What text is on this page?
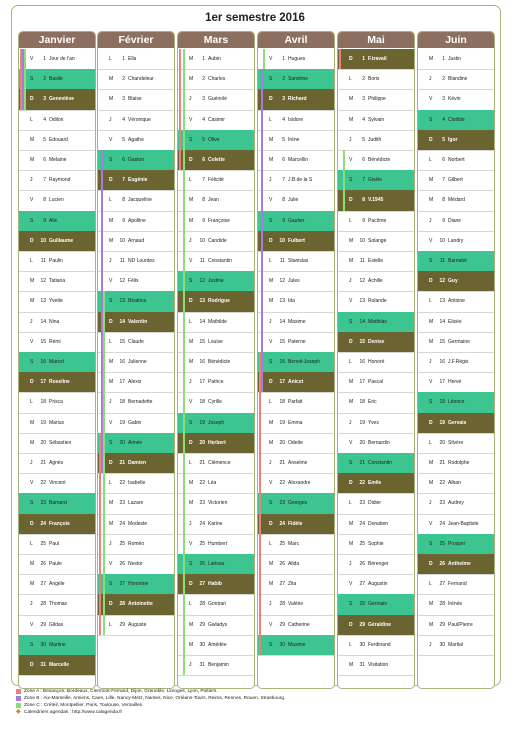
1er semestre 2016
Janvier
V	1 Jour de l'an
S	2 Basile
D	3 Geneviève
L	4 Odilon
M	5 Edouard
M	6 Melaine
J	7 Raymond
V	8 Lucien
S	9 Alix
D	10 Guillaume
L	11 Paulin
M	12 Tatiana
M	13 Yvette
J	14 Nina
V	15 Rémi
S	16 Marcel
D	17 Roseline
L	18 Prisca
M	19 Marius
M	20 Sébastien
J	21 Agnès
V	22 Vincent
S	23 Barnard
D	24 François
L	25 Paul
M	26 Paule
M	27 Angèle
J	28 Thomas
V	29 Gildas
S	30 Martine
D	31 Marcelle
Février
L	1 Ella
M	2 Chandeleur
M	3 Blaise
J	4 Véronique
V	5 Agathe
S	6 Gaston
D	7 Eugénie
L	8 Jacqueline
M	9 Apolline
M	10 Arnaud
J	11 ND Lourdes
V	12 Félix
S	13 Béatrice
D	14 Valentin
L	15 Claude
M	16 Julienne
M	17 Alexis
J	18 Bernadette
V	19 Gabin
S	20 Aimée
D	21 Damien
L	22 Isabelle
M	23 Lazare
M	24 Modeste
J	25 Roméo
V	26 Nestor
S	27 Honorine
D	28 Antoinette
L	29 Auguste
Mars
M	1 Aubin
M	2 Charles
J	3 Guénolé
V	4 Casimir
S	5 Olive
D	6 Colette
L	7 Félicité
M	8 Jean
M	9 Françoise
J	10 Candide
V	11 Constantin
S	12 Justine
D	13 Rodrigue
L	14 Mathilde
M	15 Louise
M	16 Bénédicte
J	17 Patrice
V	18 Cyrille
S	19 Joseph
D	20 Herbert
L	21 Clémence
M	22 Léa
M	23 Victorien
J	24 Karine
V	25 Humbert
S	26 Larissa
D	27 Habib
L	28 Gontran
M	29 Gwladys
M	30 Amédée
J	31 Benjamin
Avril
V	1 Hugues
S	2 Sandrine
D	3 Richard
L	4 Isidore
M	5 Irène
M	6 Marcellin
J	7 J.B.de la S
V	8 Julie
S	9 Gautier
D	10 Fulbert
L	11 Stanislas
M	12 Jules
M	13 Ida
J	14 Maxime
V	15 Paterne
S	16 Benoit-Joseph
D	17 Anicet
L	18 Parfait
M	19 Emma
M	20 Odette
J	21 Anselme
V	22 Alexandre
S	23 Georges
D	24 Fidèle
L	25 Marc
M	26 Alida
M	27 Zita
J	28 Valérie
V	29 Catherine
S	30 Maxime
Mai
D	1 F.travail
L	2 Boris
M	3 Philippe
M	4 Sylvain
J	5 Judith
V	6 Bénédicte
S	7 Gisèle
D	8 V.1945
L	9 Pacôme
M	10 Solange
M	11 Estelle
J	12 Achille
V	13 Rolande
S	14 Matthias
D	15 Denise
L	16 Honoré
M	17 Pascal
M	18 Eric
J	19 Yves
V	20 Bernardin
S	21 Constantin
D	22 Emile
L	23 Didier
M	24 Donatien
M	25 Sophie
J	26 Bérenger
V	27 Augustin
S	28 Germain
D	29 Géraldine
L	30 Ferdinand
M	31 Visitation
Juin
M	1 Justin
J	2 Blandine
V	3 Kévin
S	4 Clotilde
D	5 Igor
L	6 Norbert
M	7 Gilbert
M	8 Médard
J	9 Diane
V	10 Landry
S	11 Barnabé
D	12 Guy
L	13 Antoine
M	14 Elisée
M	15 Germaine
J	16 J.F.Régis
V	17 Hervé
S	18 Léonce
D	19 Gervais
L	20 Silvère
M	21 Rodolphe
M	22 Alban
J	23 Audrey
V	24 Jean-Baptiste
S	25 Prosper
D	26 Anthelme
L	27 Fernand
M	28 Irénée
M	29 Paul/Pierre
J	30 Martial
Zone A : Besançon, Bordeaux, Clermont-Ferrand, Dijon, Grenoble, Limoges, Lyon, Poitiers.
Zone B : Aix-Marseille, Amiens, Caen, Lille, Nancy-Metz, Nantes, Nice, Orléans-Tours, Reims, Rennes, Rouen, Strasbourg.
Zone C : Créteil, Montpellier, Paris, Toulouse, Versailles.
◆ Calendriers agendas : http://www.calagenda.fr
